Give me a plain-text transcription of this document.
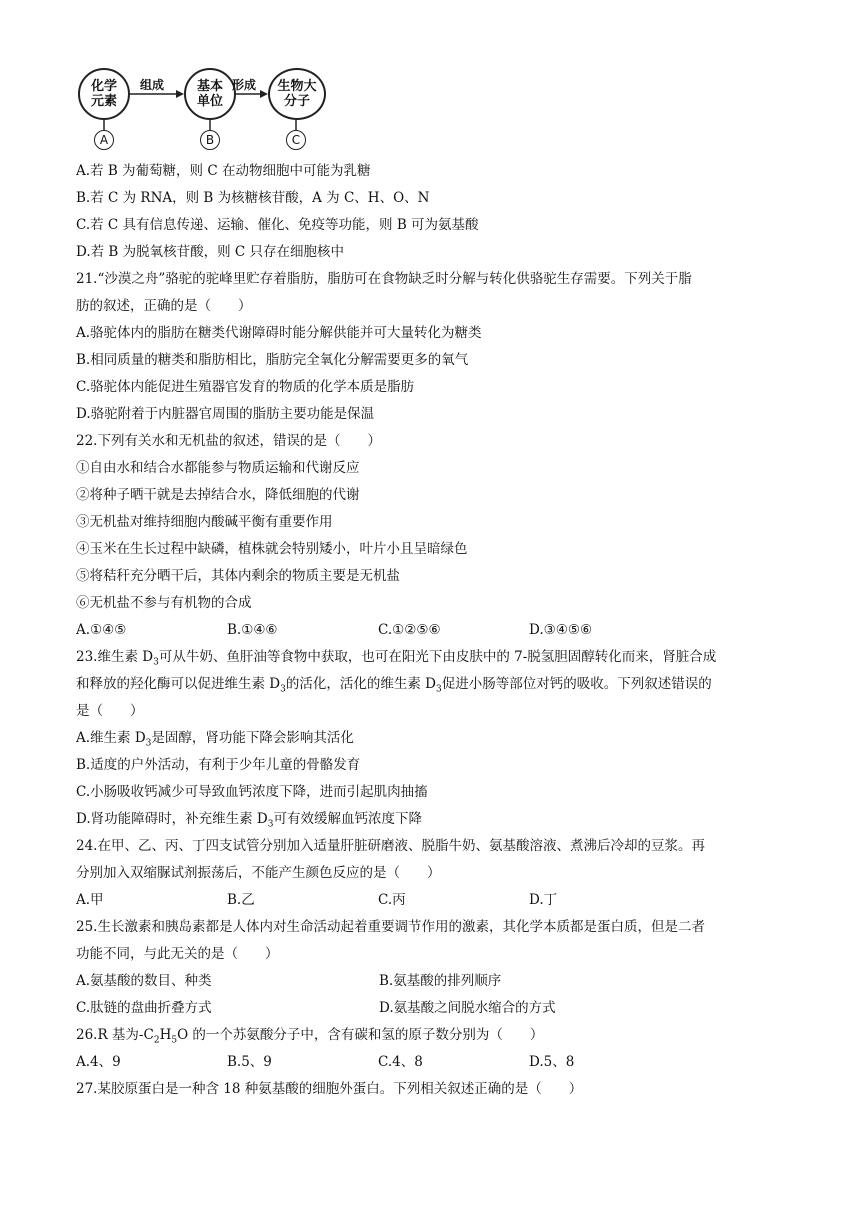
化学元素
基本单位
生物大分子
组成	形成
A	B	C
A.若 B 为葡萄糖，则 C 在动物细胞中可能为乳糖
B.若 C 为 RNA，则 B 为核糖核苷酸，A 为 C、H、O、N
C.若 C 具有信息传递、运输、催化、免疫等功能，则 B 可为氨基酸
D.若 B 为脱氧核苷酸，则 C 只存在细胞核中
21.“沙漠之舟”骆驼的驼峰里贮存着脂肪，脂肪可在食物缺乏时分解与转化供骆驼生存需要。下列关于脂
肪的叙述，正确的是（　　）
A.骆驼体内的脂肪在糖类代谢障碍时能分解供能并可大量转化为糖类
B.相同质量的糖类和脂肪相比，脂肪完全氧化分解需要更多的氧气
C.骆驼体内能促进生殖器官发育的物质的化学本质是脂肪
D.骆驼附着于内脏器官周围的脂肪主要功能是保温
22.下列有关水和无机盐的叙述，错误的是（　　）
①自由水和结合水都能参与物质运输和代谢反应
②将种子晒干就是去掉结合水，降低细胞的代谢
③无机盐对维持细胞内酸碱平衡有重要作用
④玉米在生长过程中缺磷，植株就会特别矮小，叶片小且呈暗绿色
⑤将秸秆充分晒干后，其体内剩余的物质主要是无机盐
⑥无机盐不参与有机物的合成
A.①④⑤	B.①④⑥	C.①②⑤⑥	D.③④⑤⑥
23.维生素 $D_3$可从牛奶、鱼肝油等食物中获取，也可在阳光下由皮肤中的 7-脱氢胆固醇转化而来，肾脏合成
和释放的羟化酶可以促进维生素 $D_3$的活化，活化的维生素 $D_3$促进小肠等部位对钙的吸收。下列叙述错误的
是（　　）
A.维生素 $D_3$是固醇，肾功能下降会影响其活化
B.适度的户外活动，有利于少年儿童的骨骼发育
C.小肠吸收钙减少可导致血钙浓度下降，进而引起肌肉抽搐
D.肾功能障碍时，补充维生素 $D_3$可有效缓解血钙浓度下降
24.在甲、乙、丙、丁四支试管分别加入适量肝脏研磨液、脱脂牛奶、氨基酸溶液、煮沸后冷却的豆浆。再
分别加入双缩脲试剂振荡后，不能产生颜色反应的是（　　）
A.甲	B.乙	C.丙	D.丁
25.生长激素和胰岛素都是人体内对生命活动起着重要调节作用的激素，其化学本质都是蛋白质，但是二者
功能不同，与此无关的是（　　）
A.氨基酸的数目、种类	B.氨基酸的排列顺序
C.肽链的盘曲折叠方式	D.氨基酸之间脱水缩合的方式
26.R 基为$-C_2H_5O$ 的一个苏氨酸分子中，含有碳和氢的原子数分别为（　　）
A.4、9	B.5、9	C.4、8	D.5、8
27.某胶原蛋白是一种含 18 种氨基酸的细胞外蛋白。下列相关叙述正确的是（　　）
